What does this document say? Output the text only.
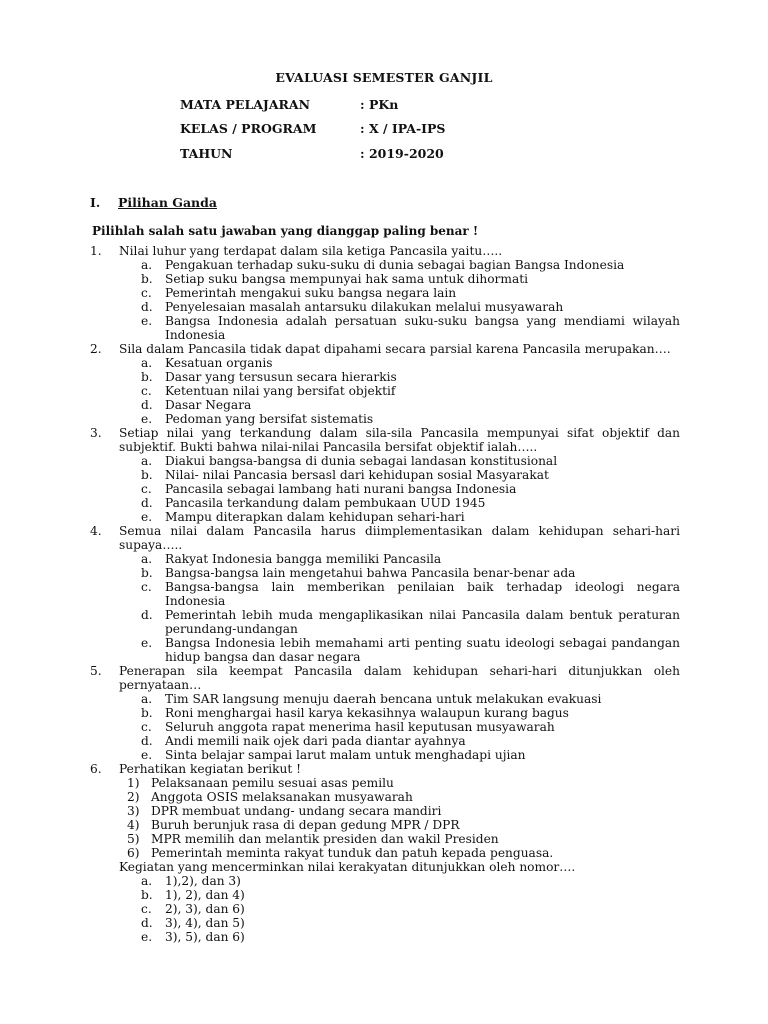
EVALUASI SEMESTER GANJIL
MATA PELAJARAN	: PKn
KELAS / PROGRAM	: X / IPA-IPS
TAHUN	: 2019-2020
I. Pilihan Ganda
Pilihlah salah satu jawaban yang dianggap paling benar !
1. Nilai luhur yang terdapat dalam sila ketiga Pancasila yaitu…..
a. Pengakuan terhadap suku-suku di dunia sebagai bagian Bangsa Indonesia
b. Setiap suku bangsa mempunyai hak sama untuk dihormati
c. Pemerintah mengakui suku bangsa negara lain
d. Penyelesaian masalah antarsuku dilakukan melalui musyawarah
e. Bangsa Indonesia adalah persatuan suku-suku bangsa yang mendiami wilayah Indonesia
2. Sila dalam Pancasila tidak dapat dipahami secara parsial karena Pancasila merupakan….
a. Kesatuan organis
b. Dasar yang tersusun secara hierarkis
c. Ketentuan nilai yang bersifat objektif
d. Dasar Negara
e. Pedoman yang bersifat sistematis
3. Setiap nilai yang terkandung dalam sila-sila Pancasila mempunyai sifat objektif dan subjektif. Bukti bahwa nilai-nilai Pancasila bersifat objektif ialah…..
a. Diakui bangsa-bangsa di dunia sebagai landasan konstitusional
b. Nilai- nilai Pancasia bersasl dari kehidupan sosial Masyarakat
c. Pancasila sebagai lambang hati nurani bangsa Indonesia
d. Pancasila terkandung dalam pembukaan UUD 1945
e. Mampu diterapkan dalam kehidupan sehari-hari
4. Semua nilai dalam Pancasila harus diimplementasikan dalam kehidupan sehari-hari supaya…..
a. Rakyat Indonesia bangga memiliki Pancasila
b. Bangsa-bangsa lain mengetahui bahwa Pancasila benar-benar ada
c. Bangsa-bangsa lain memberikan penilaian baik terhadap ideologi negara Indonesia
d. Pemerintah lebih muda mengaplikasikan nilai Pancasila dalam bentuk peraturan perundang-undangan
e. Bangsa Indonesia lebih memahami arti penting suatu ideologi sebagai pandangan hidup bangsa dan dasar negara
5. Penerapan sila keempat Pancasila dalam kehidupan sehari-hari ditunjukkan oleh pernyataan…
a. Tim SAR langsung menuju daerah bencana untuk melakukan evakuasi
b. Roni menghargai hasil karya kekasihnya walaupun kurang bagus
c. Seluruh anggota rapat menerima hasil keputusan musyawarah
d. Andi memili naik ojek dari pada diantar ayahnya
e. Sinta belajar sampai larut malam untuk menghadapi ujian
6. Perhatikan kegiatan berikut !
1) Pelaksanaan pemilu sesuai asas pemilu
2) Anggota OSIS melaksanakan musyawarah
3) DPR membuat undang- undang secara mandiri
4) Buruh berunjuk rasa di depan gedung MPR / DPR
5) MPR memilih dan melantik presiden dan wakil Presiden
6) Pemerintah meminta rakyat tunduk dan patuh kepada penguasa.
Kegiatan yang mencerminkan nilai kerakyatan ditunjukkan oleh nomor….
a. 1),2), dan 3)
b. 1), 2), dan 4)
c. 2), 3), dan 6)
d. 3), 4), dan 5)
e. 3), 5), dan 6)
